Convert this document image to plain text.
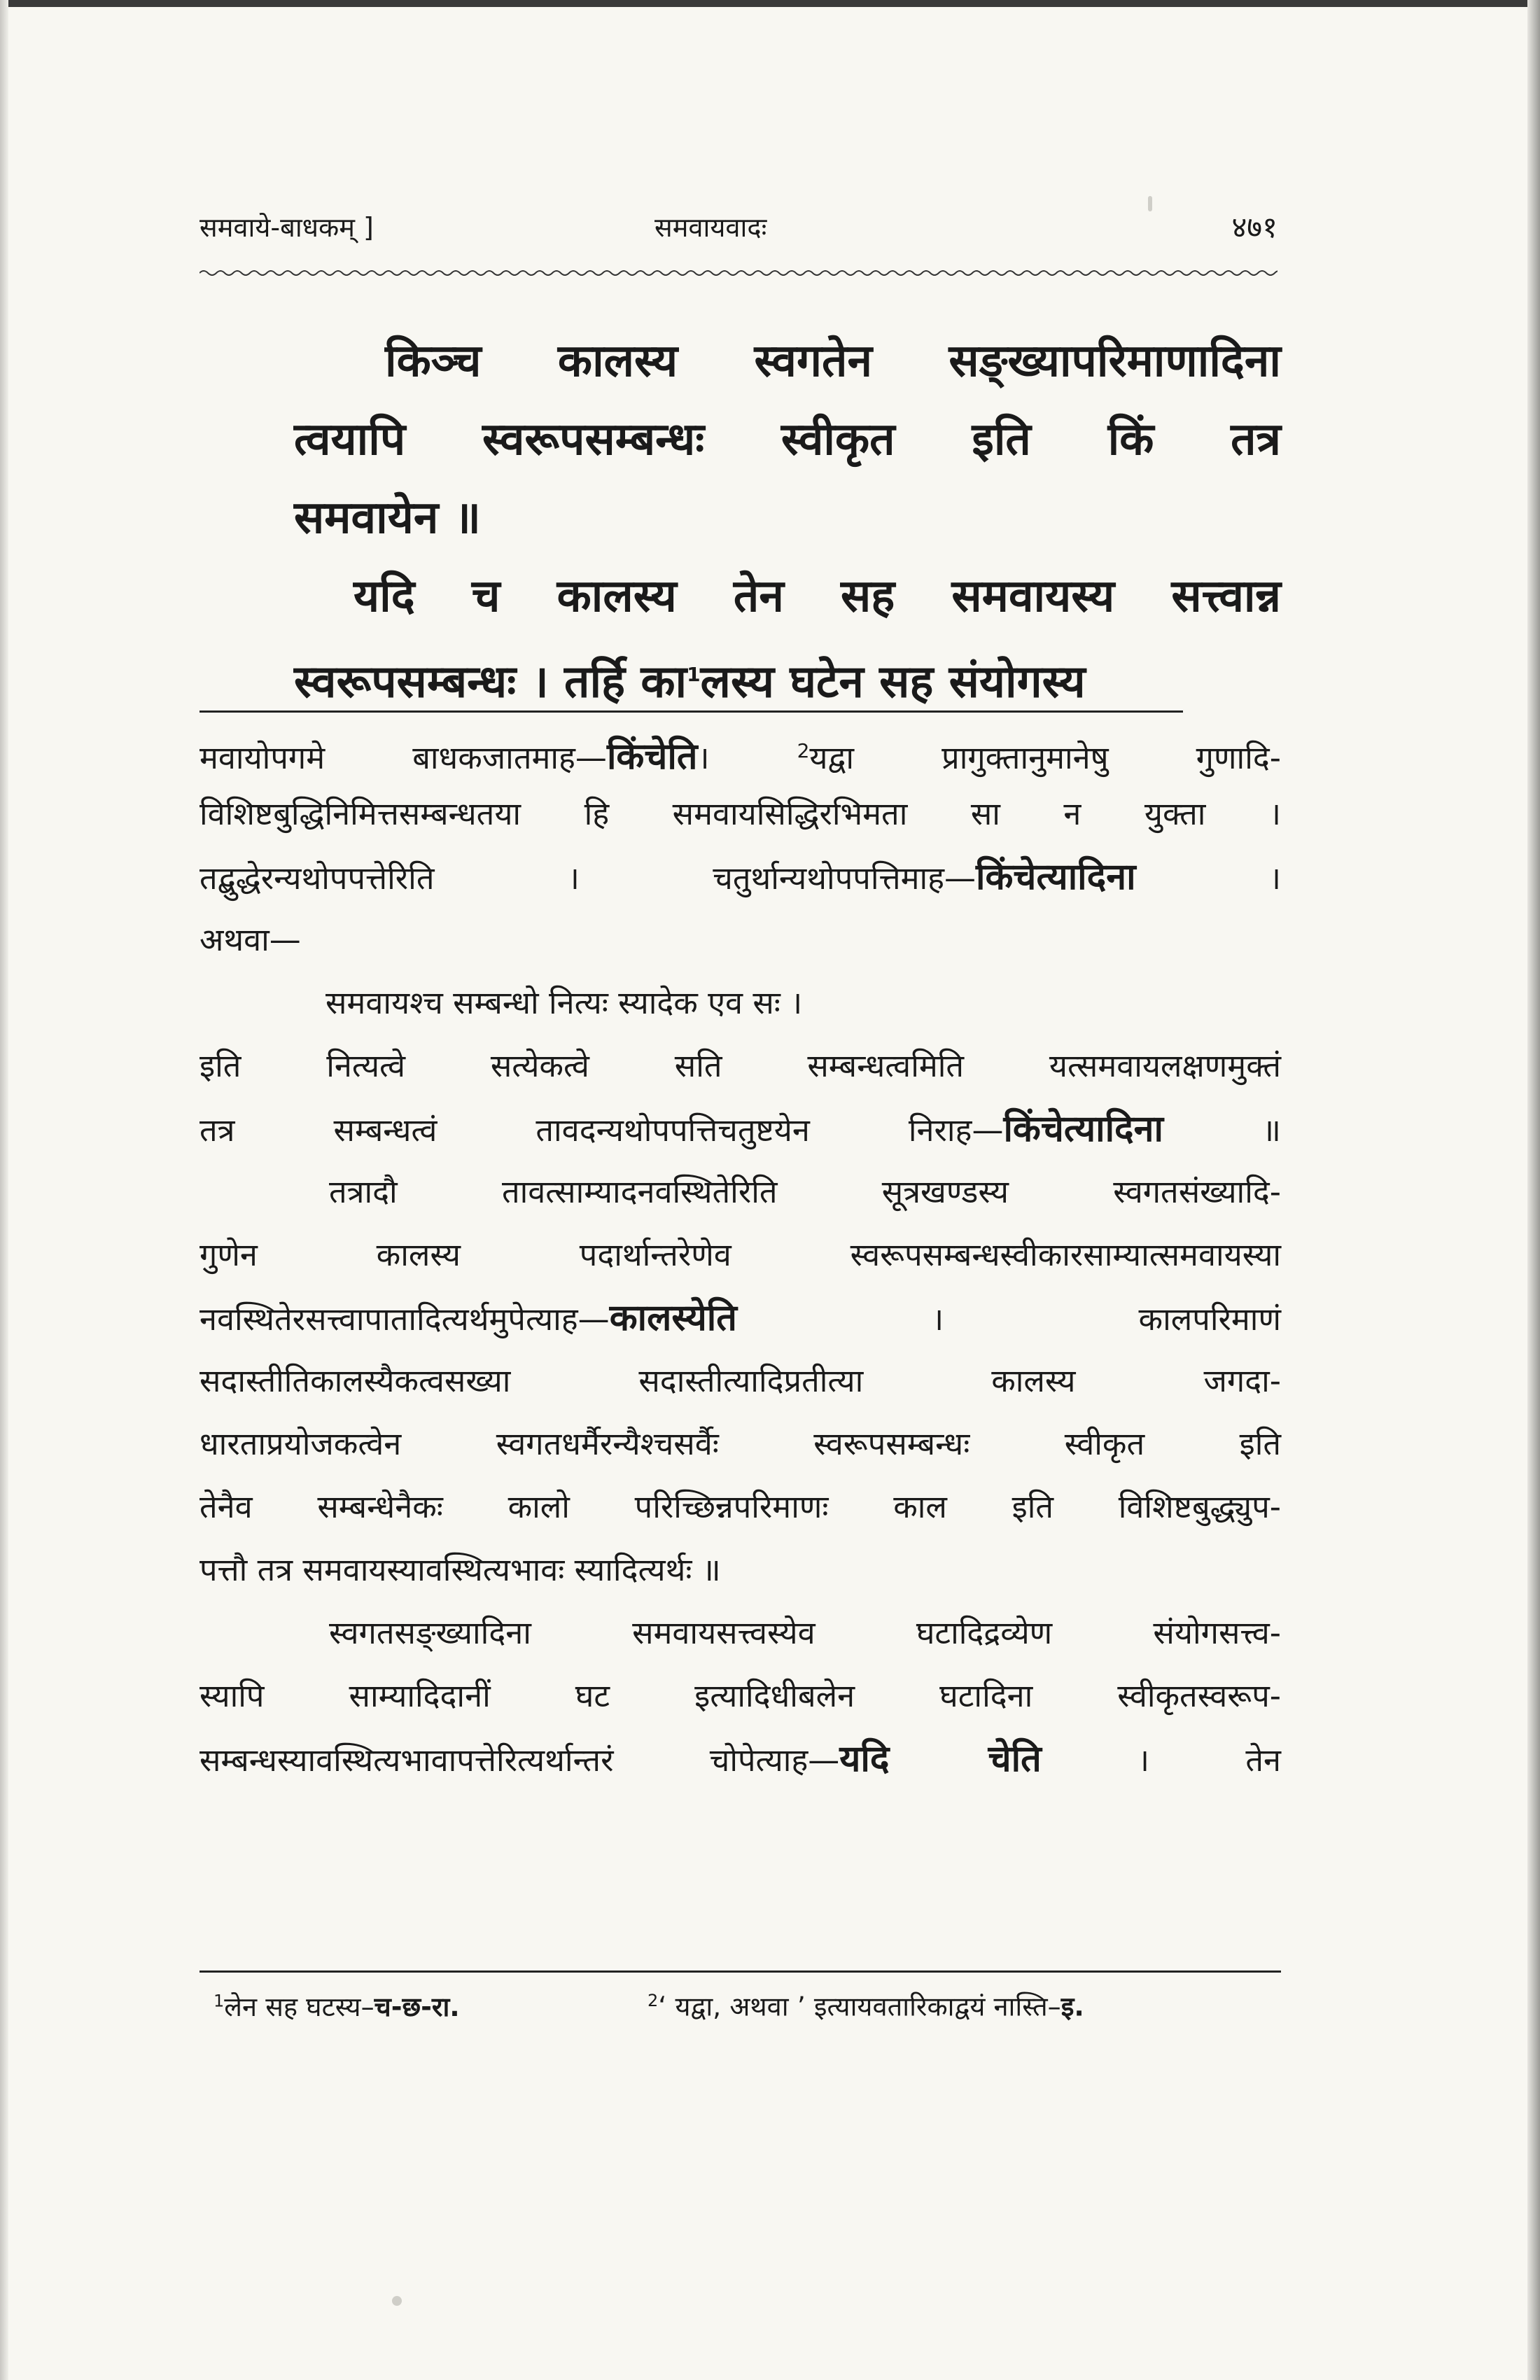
समवाये-बाधकम् ]	समवायवादः	४७१
किञ्च कालस्य स्वगतेन सङ्ख्यापरिमाणादिना
त्वयापि स्वरूपसम्बन्धः स्वीकृत इति किं तत्र
समवायेन ॥
यदि च कालस्य तेन सह समवायस्य सत्त्वान्न
स्वरूपसम्बन्धः । तर्हि का$^1$लस्य घटेन सह संयोगस्य
मवायोपगमे बाधकजातमाह—किंचेति। $^2$यद्वा प्रागुक्तानुमानेषु गुणादि-
विशिष्टबुद्धिनिमित्तसम्बन्धतया हि समवायसिद्धिरभिमता सा न युक्ता ।
तद्बुद्धेरन्यथोपपत्तेरिति । चतुर्थान्यथोपपत्तिमाह—किंचेत्यादिना ।
अथवा—
समवायश्च सम्बन्धो नित्यः स्यादेक एव सः ।
इति नित्यत्वे सत्येकत्वे सति सम्बन्धत्वमिति यत्समवायलक्षणमुक्तं
तत्र सम्बन्धत्वं तावदन्यथोपपत्तिचतुष्टयेन निराह—किंचेत्यादिना ॥
तत्रादौ तावत्साम्यादनवस्थितेरिति सूत्रखण्डस्य स्वगतसंख्यादि-
गुणेन कालस्य पदार्थान्तरेणेव स्वरूपसम्बन्धस्वीकारसाम्यात्समवायस्या
नवस्थितेरसत्त्वापातादित्यर्थमुपेत्याह—कालस्येति । कालपरिमाणं
सदास्तीतिकालस्यैकत्वसख्या सदास्तीत्यादिप्रतीत्या कालस्य जगदा-
धारताप्रयोजकत्वेन स्वगतधर्मैरन्यैश्चसर्वैः स्वरूपसम्बन्धः स्वीकृत इति
तेनैव सम्बन्धेनैकः कालो परिच्छिन्नपरिमाणः काल इति विशिष्टबुद्ध्युप-
पत्तौ तत्र समवायस्यावस्थित्यभावः स्यादित्यर्थः ॥
स्वगतसङ्ख्यादिना समवायसत्त्वस्येव घटादिद्रव्येण संयोगसत्त्व-
स्यापि साम्यादिदानीं घट इत्यादिधीबलेन घटादिना स्वीकृतस्वरूप-
सम्बन्धस्यावस्थित्यभावापत्तेरित्यर्थान्तरं चोपेत्याह—यदि चेति । तेन
$^1$लेन सह घटस्य–च-छ-रा.	$^2$‘ यद्वा, अथवा ’ इत्यायवतारिकाद्वयं नास्ति–इ.
